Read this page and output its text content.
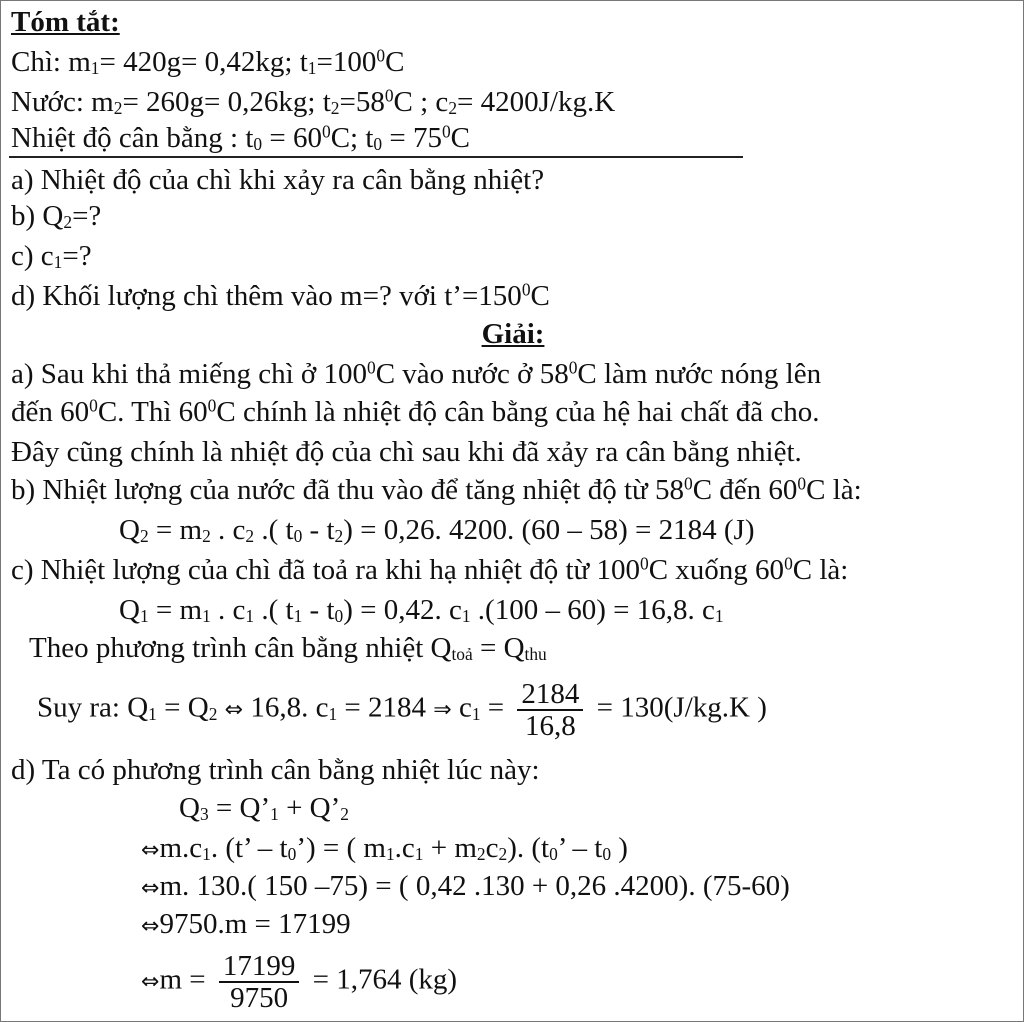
Tóm tắt:
Chì: $m_1= 420g= 0,42kg$; $t_1=100^0C$
Nước: $m_2= 260g= 0,26kg$; $t_2=58^0C$ ; $c_2= 4200J/kg.K$
Nhiệt độ cân bằng : $t_0 = 60^0C$; $t_0 = 75^0C$
a) Nhiệt độ của chì khi xảy ra cân bằng nhiệt?
b) $Q_2=$?
c) $c_1=$?
d) Khối lượng chì thêm vào m=? với $t’=150^0C$
Giải:
a) Sau khi thả miếng chì ở $100^0C$ vào nước ở $58^0C$ làm nước nóng lên
đến $60^0C$. Thì $60^0C$ chính là nhiệt độ cân bằng của hệ hai chất đã cho.
Đây cũng chính là nhiệt độ của chì sau khi đã xảy ra cân bằng nhiệt.
b) Nhiệt lượng của nước đã thu vào để tăng nhiệt độ từ $58^0C$ đến $60^0C$ là:
$Q_2 = m_2$ . $c_2$ .( $t_0 - t_2) = 0,26$. 4200. (60 – 58) = 2184 (J)
c) Nhiệt lượng của chì đã toả ra khi hạ nhiệt độ từ $100^0C$ xuống $60^0C$ là:
$Q_1 = m_1$ . $c_1$ .( $t_1 - t_0) = 0,42$. $c_1$ .(100 – 60) = 16,8. $c_1$
Theo phương trình cân bằng nhiệt $Q_{toả} = Q_{thu}$
Suy ra: $Q_1 = Q_2$ ⇔ 16,8. $c_1 = 2184$ ⇒ $c_1 = \frac{2184}{16,8} = 130(J/kg.K$ )
d) Ta có phương trình cân bằng nhiệt lúc này:
$Q_3$ = $Q’_1$ + $Q’_2$
$\Leftrightarrow m.c_1$. (t’ – $t_0$’) = ( $m_1.c_1 + m_2c_2$). ($t_0$’ – $t_0$ )
⇔m. 130.( 150 –75) = ( 0,42 .130 + 0,26 .4200). (75-60)
⇔9750.m = 17199
⇔m = $\frac{17199}{9750} = 1,764$ (kg)
